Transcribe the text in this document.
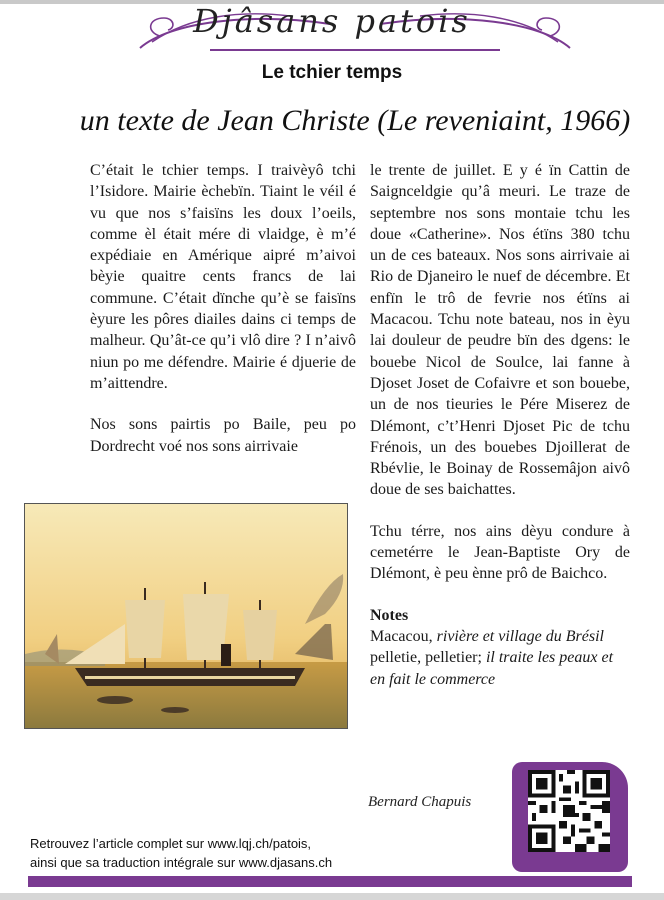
Djâsans patois
Le tchier temps
un texte de Jean Christe (Le reveniaint, 1966)

C’était le tchier temps. I traivèyô tchi l’Isidore. Mairie èchebïn. Tiaint le véil é vu que nos s’faisïns les doux l’oeils, comme èl était mére di vlaidge, è m’é expédiaie en Amérique aipré m’aivoi bèyie quaitre cents francs de lai commune. C’était dïnche qu’è se faisïns èyure les pôres diailes dains ci temps de malheur. Qu’ât-ce qu’i vlô dire ? I n’aivô niun po me défendre. Mairie é djuerie de m’aittendre.

Nos sons pairtis po Baile, peu po Dordrecht voé nos sons airrivaie

le trente de juillet. E y é ïn Cattin de Saignceldgie qu’â meuri. Le traze de septembre nos sons montaie tchu les doue «Catherine». Nos étïns 380 tchu un de ces bateaux. Nos sons airrivaie ai Rio de Djaneiro le nuef de décembre. Et enfïn le trô de fevrie nos étïns ai Macacou. Tchu note bateau, nos in èyu lai douleur de peudre bïn des dgens: le bouebe Nicol de Soulce, lai fanne à Djoset Joset de Cofaivre et son bouebe, un de nos tieuries le Pére Miserez de Dlémont, c’t’Henri Djoset Pic de tchu Frénois, un des bouebes Djoillerat de Rbévlie, le Boinay de Rossemâjon aivô doue de ses baichattes.

Tchu térre, nos ains dèyu condure à cemetérre le Jean-Baptiste Ory de Dlémont, è peu ènne prô de Baichco.

Notes
Macacou, rivière et village du Brésil
pelletie, pelletier; il traite les peaux et en fait le commerce
Bernard Chapuis
Retrouvez l’article complet sur www.lqj.ch/patois,
ainsi que sa traduction intégrale sur www.djasans.ch
